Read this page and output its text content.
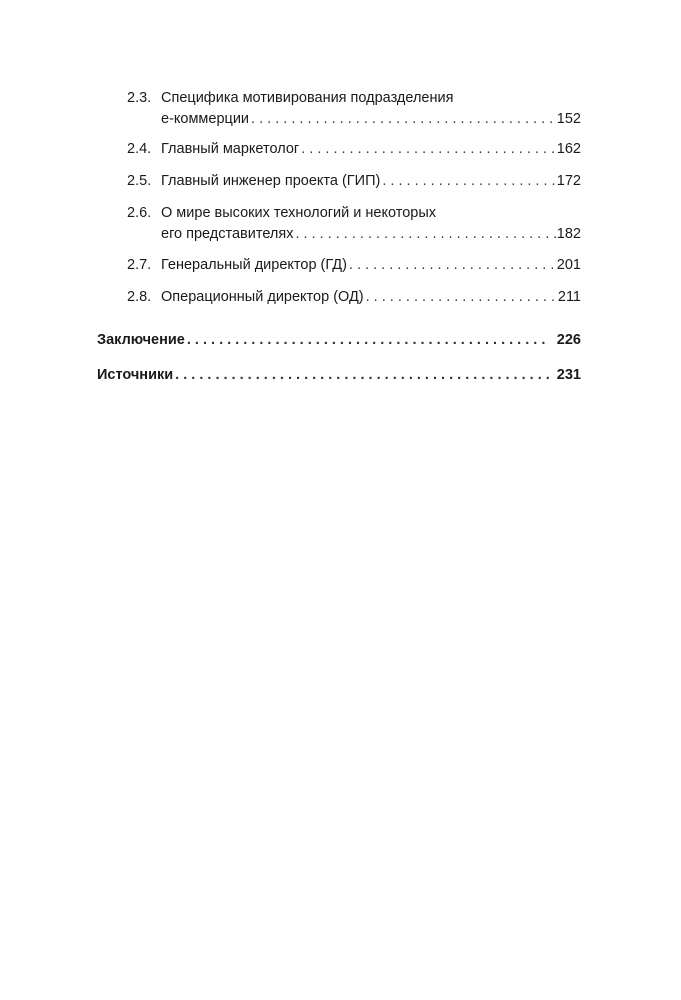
2.3. Специфика мотивирования подразделения
e-коммерции . . .	152
2.4. Главный маркетолог . . .	162
2.5. Главный инженер проекта (ГИП) . . .	172
2.6. О мире высоких технологий и некоторых
его представителях . . .	182
2.7. Генеральный директор (ГД) . . .	201
2.8. Операционный директор (ОД) . . .	211
Заключение . . .	226
Источники . . .	231
